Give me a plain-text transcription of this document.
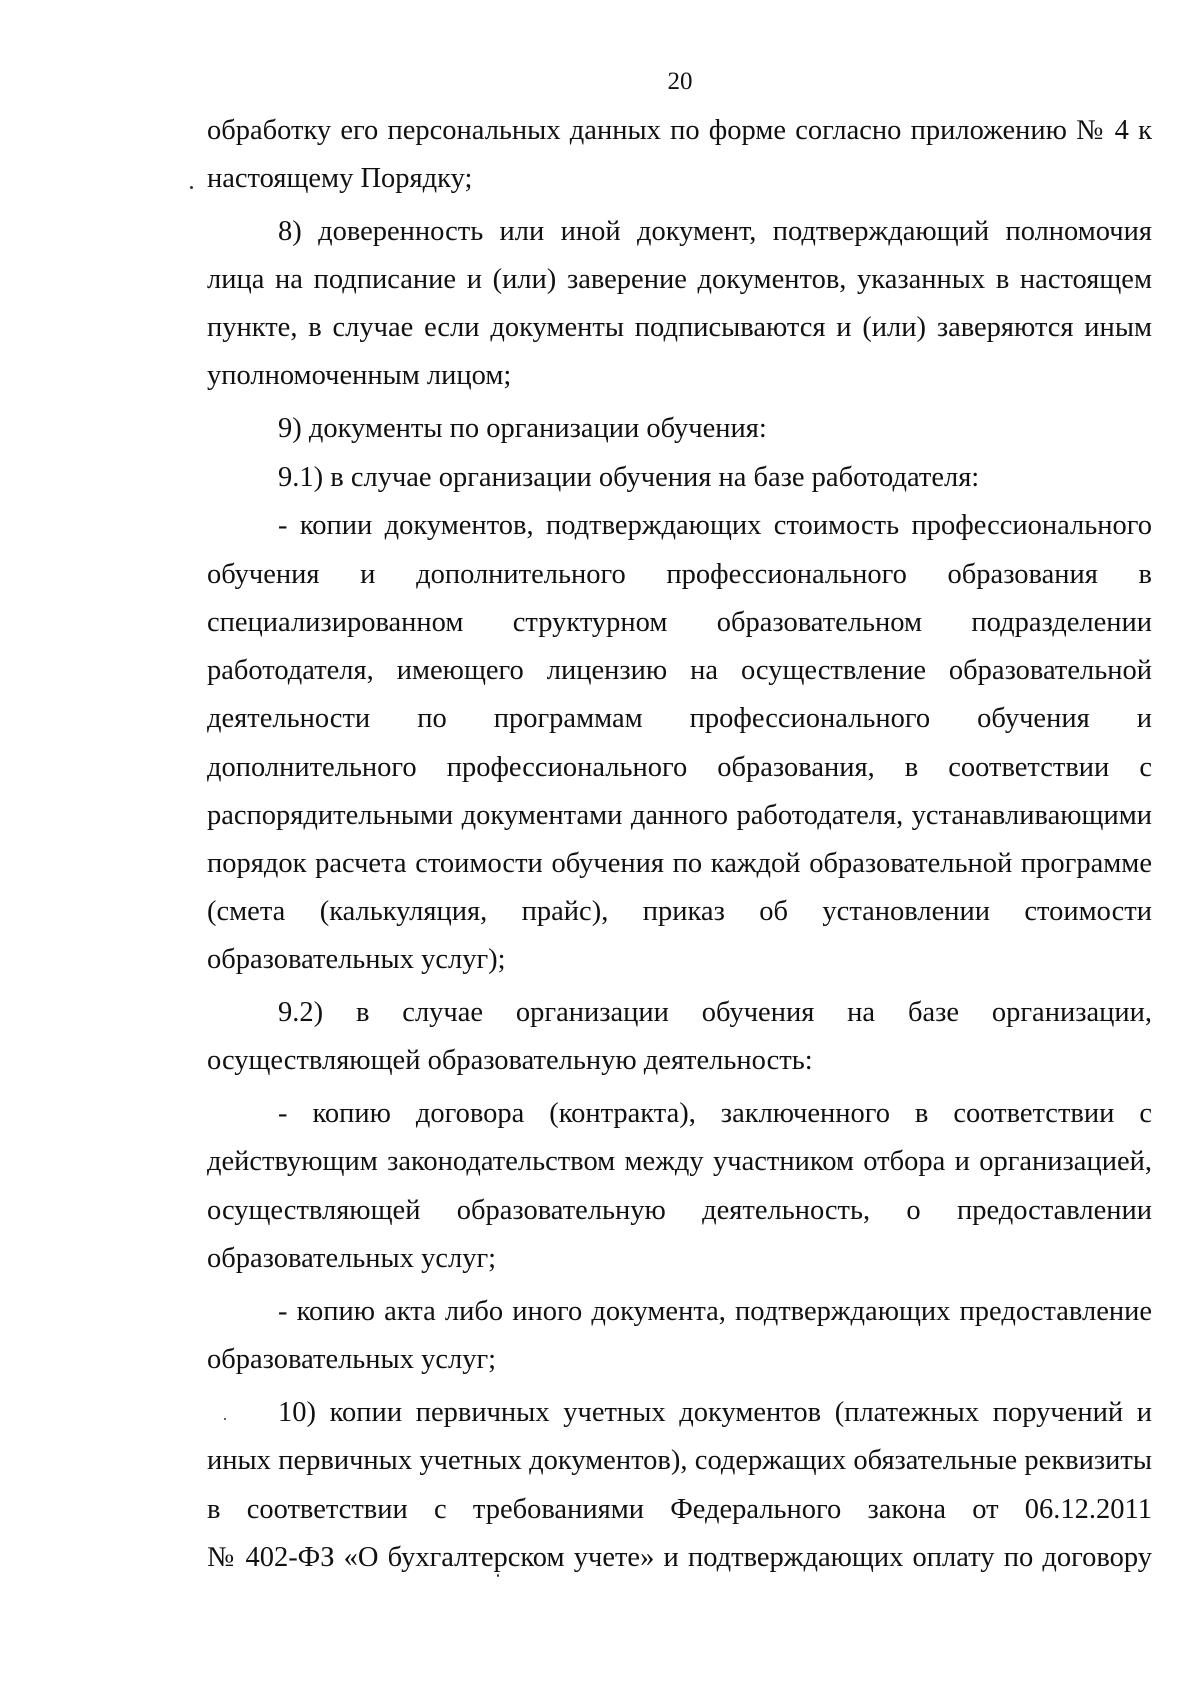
20
обработку его персональных данных по форме согласно приложению № 4 к
настоящему Порядку;
8) доверенность или иной документ, подтверждающий полномочия
лица на подписание и (или) заверение документов, указанных в настоящем
пункте, в случае если документы подписываются и (или) заверяются иным
уполномоченным лицом;
9) документы по организации обучения:
9.1) в случае организации обучения на базе работодателя:
- копии документов, подтверждающих стоимость профессионального
обучения и дополнительного профессионального образования в
специализированном структурном образовательном подразделении
работодателя, имеющего лицензию на осуществление образовательной
деятельности по программам профессионального обучения и
дополнительного профессионального образования, в соответствии с
распорядительными документами данного работодателя, устанавливающими
порядок расчета стоимости обучения по каждой образовательной программе
(смета (калькуляция, прайс), приказ об установлении стоимости
образовательных услуг);
9.2) в случае организации обучения на базе организации,
осуществляющей образовательную деятельность:
- копию договора (контракта), заключенного в соответствии с
действующим законодательством между участником отбора и организацией,
осуществляющей образовательную деятельность, о предоставлении
образовательных услуг;
- копию акта либо иного документа, подтверждающих предоставление
образовательных услуг;
10) копии первичных учетных документов (платежных поручений и
иных первичных учетных документов), содержащих обязательные реквизиты
в соответствии с требованиями Федерального закона от 06.12.2011
№ 402-ФЗ «О бухгалтерском учете» и подтверждающих оплату по договору
